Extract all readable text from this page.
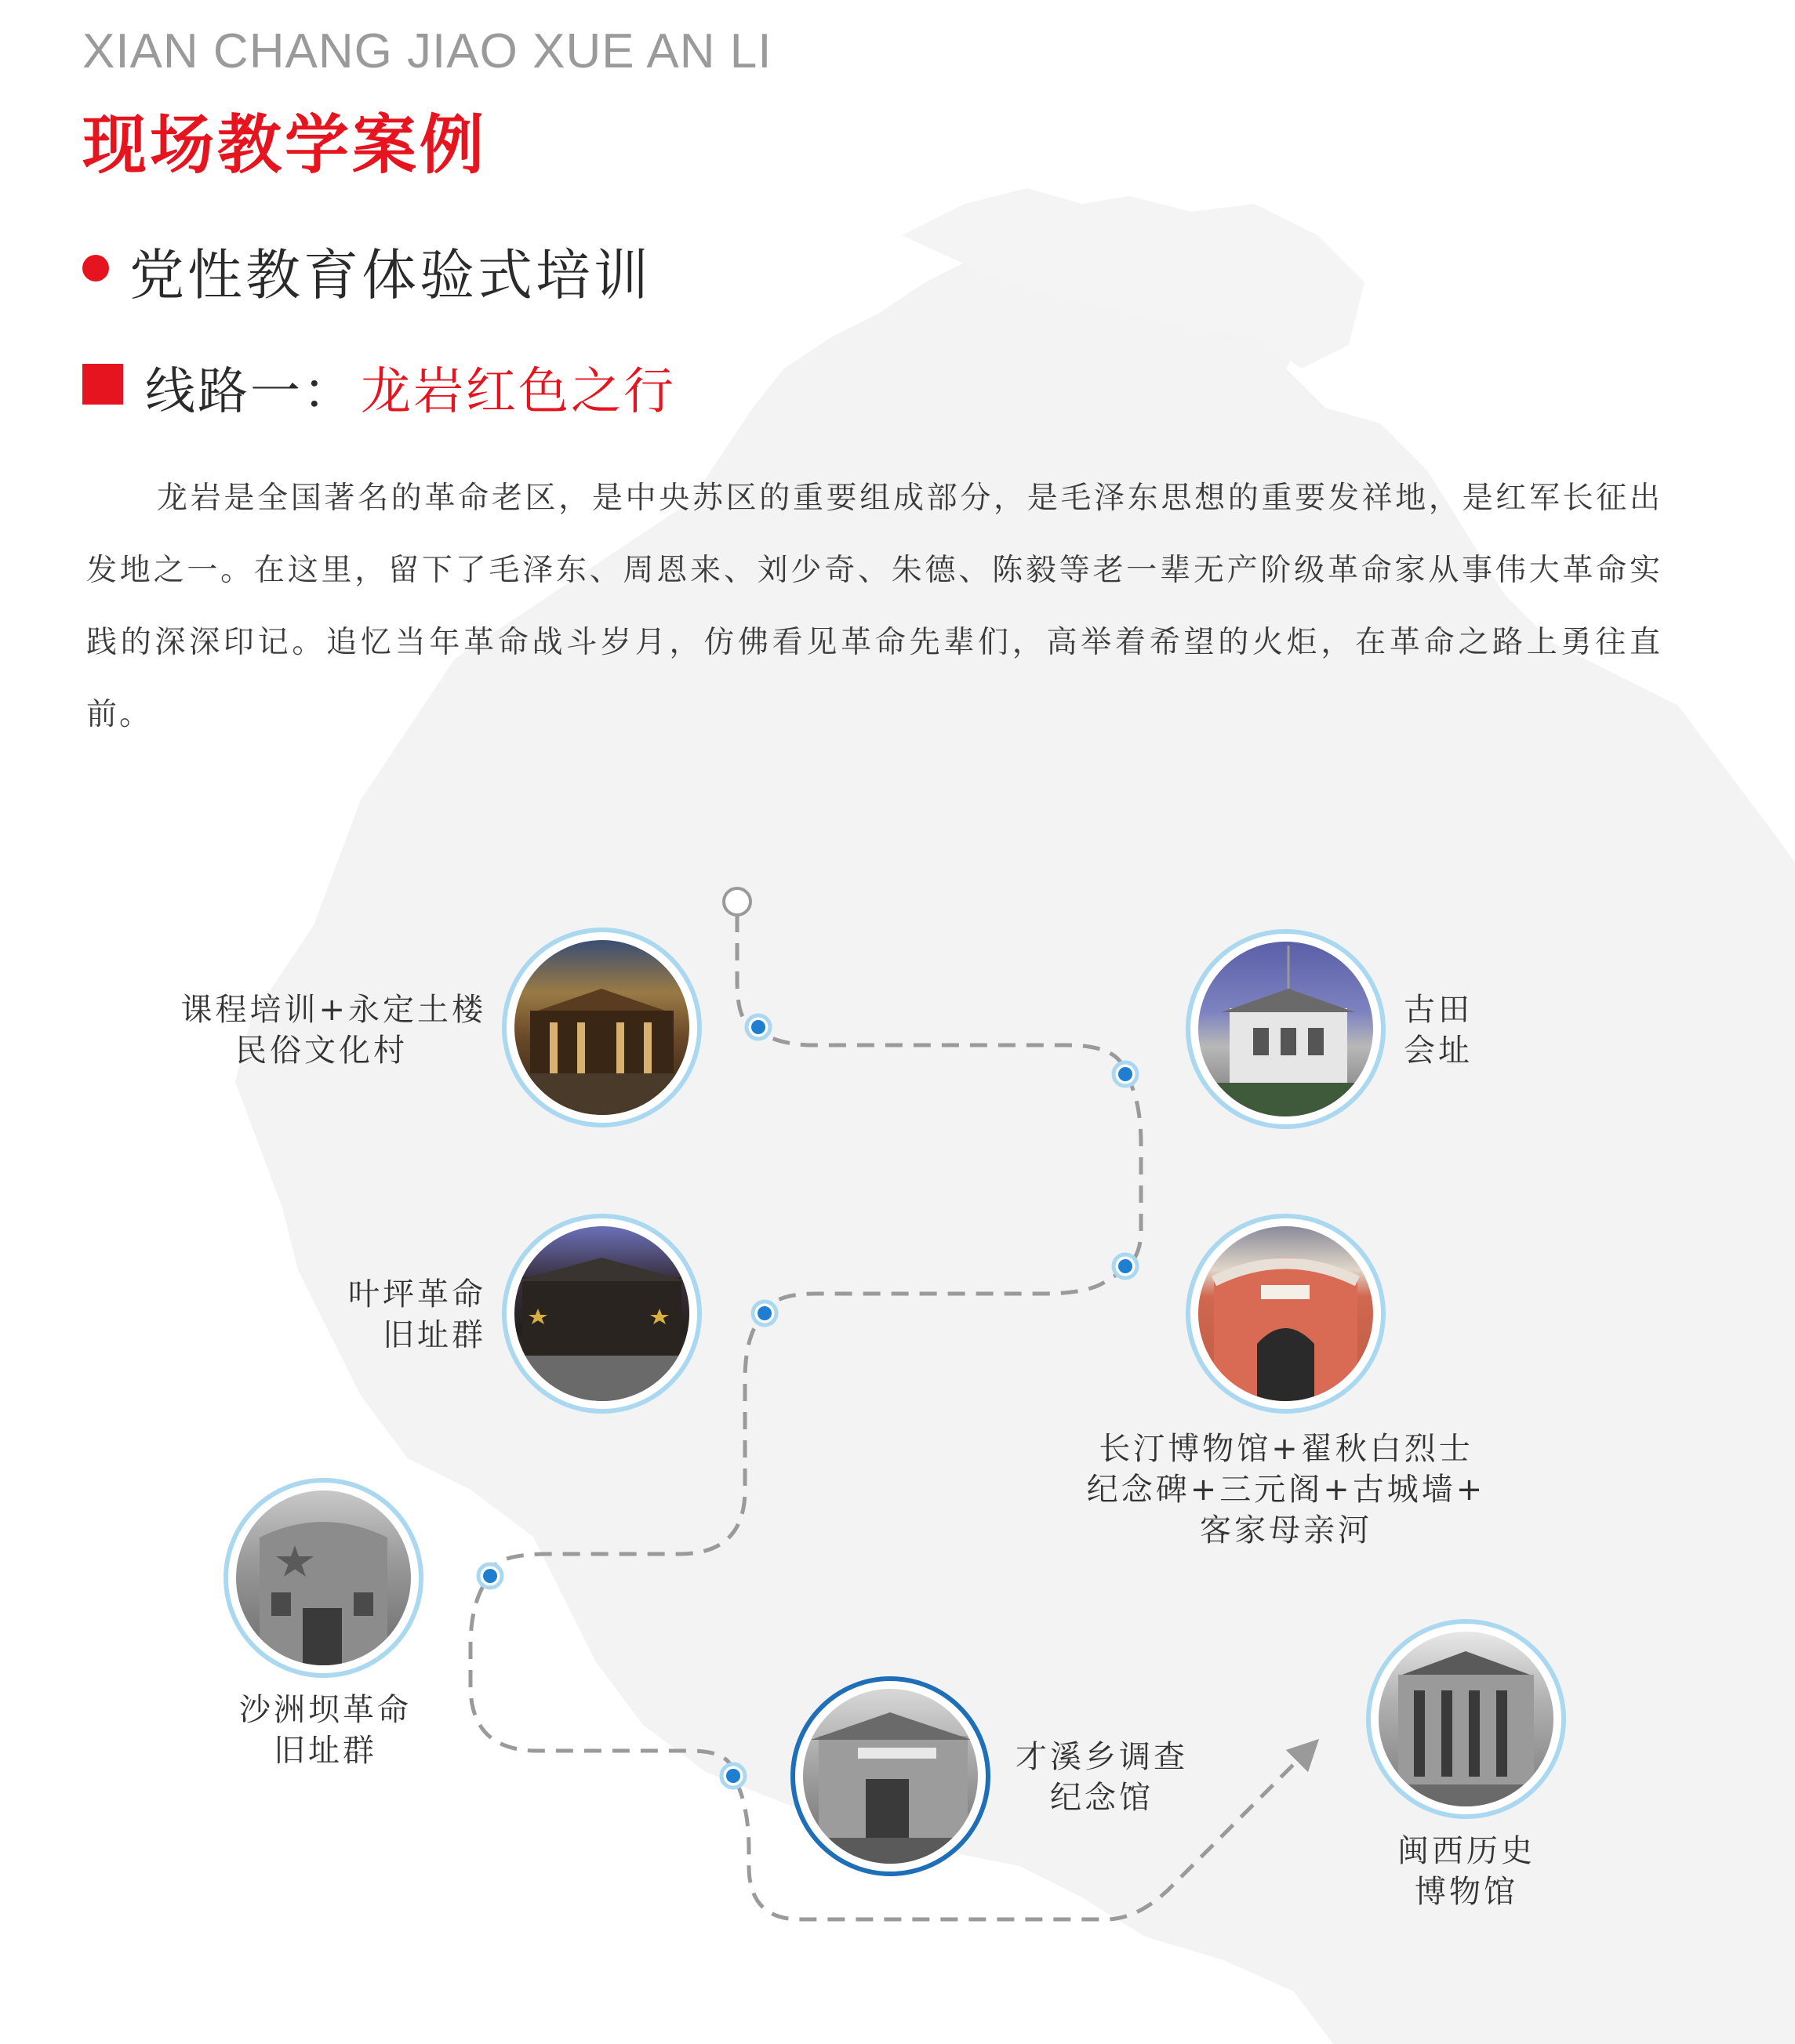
XIAN CHANG JIAO XUE AN LI
现场教学案例
党性教育体验式培训
线路一： 龙岩红色之行
龙岩是全国著名的革命老区，是中央苏区的重要组成部分，是毛泽东思想的重要发祥地，是红军长征出发地之一。在这里，留下了毛泽东、周恩来、刘少奇、朱德、陈毅等老一辈无产阶级革命家从事伟大革命实践的深深印记。追忆当年革命战斗岁月，仿佛看见革命先辈们，高举着希望的火炬，在革命之路上勇往直前。
课程培训+永定土楼
民俗文化村
古田
会址
叶坪革命
旧址群
长汀博物馆+翟秋白烈士
纪念碑+三元阁+古城墙+
客家母亲河
沙洲坝革命
旧址群	才溪乡调查
纪念馆
闽西历史
博物馆
